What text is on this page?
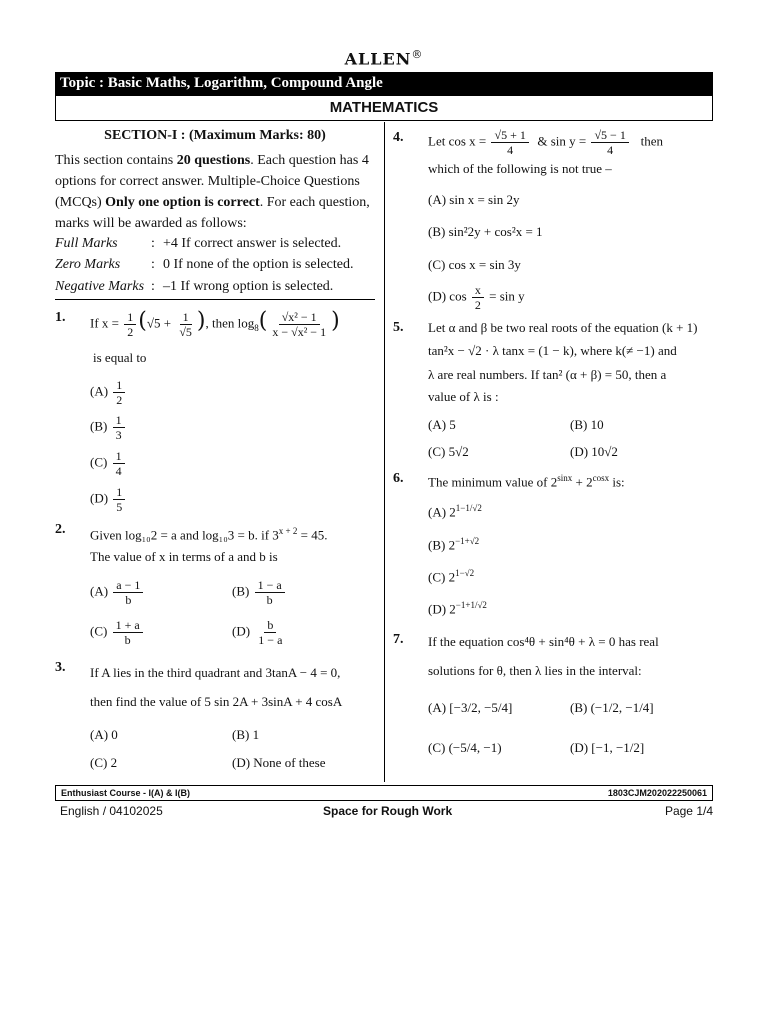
ALLEN®
Topic : Basic Maths, Logarithm, Compound Angle
MATHEMATICS
SECTION-I : (Maximum Marks: 80)
This section contains 20 questions. Each question has 4 options for correct answer. Multiple-Choice Questions (MCQs) Only one option is correct. For each question, marks will be awarded as follows:
Full Marks : +4 If correct answer is selected.
Zero Marks : 0 If none of the option is selected.
Negative Marks : –1 If wrong option is selected.
1. If $x = \frac{1}{2} (√5 + \frac{1}{√5}$ ), then $\log_8( \frac{\text{√x² − 1}}{\text{x − √x² − 1}}$ )
is equal to
$(A) \frac{1}{2}$
$(B) \frac{1}{3}$
$(C) \frac{1}{4}$
$(D) \frac{1}{5}$
2. Given log₁₀2 = a and log₁₀3 = b. if $3^{x + 2} = 45$.
The value of x in terms of a and b is
$(A) \frac{a - 1}{b}$	$(B) \frac{1 - a}{b}$
$(C) \frac{1 + a}{b}$	$(D) \frac{b}{1 - a}$
3. If A lies in the third quadrant and 3tanA − 4 = 0,
then find the value of 5 sin 2A + 3sinA + 4 cosA
(A) 0	(B) 1
(C) 2	(D) None of these
4. Let $\cos x = \frac{√5 + 1}{4}$ & $\sin y = \frac{√5 - 1}{4}$ then
which of the following is not true –
(A) sin x = sin 2y
(B) sin²2y + cos²x = 1
(C) cos x = sin 3y
(D) $\cos \frac{x}{2} = \sin y$
5. Let α and β be two real roots of the equation (k + 1)
tan²x − √2 · λ tanx = (1 − k), where k(≠ −1) and
λ are real numbers. If tan² (α + β) = 50, then a
value of λ is :
(A) 5	(B) 10
(C) 5√2	(D) 10√2
6. The minimum value of $2^{sinx} + 2^{cosx}$ is:
(A) $2^{1-1/√2}$
(B) $2^{-1+√2}$
(C) $2^{1-√2}$
(D) $2^{-1+1/√2}$
7. If the equation cos⁴θ + sin⁴θ + λ = 0 has real
solutions for θ, then λ lies in the interval:
(A) [−3/2, −5/4]	(B) (−1/2, −1/4]
(C) (−5/4, −1)	(D) [−1, −1/2]
Enthusiast Course - I(A) & I(B)	1803CJM202022250061
English / 04102025	Space for Rough Work	Page 1/4
